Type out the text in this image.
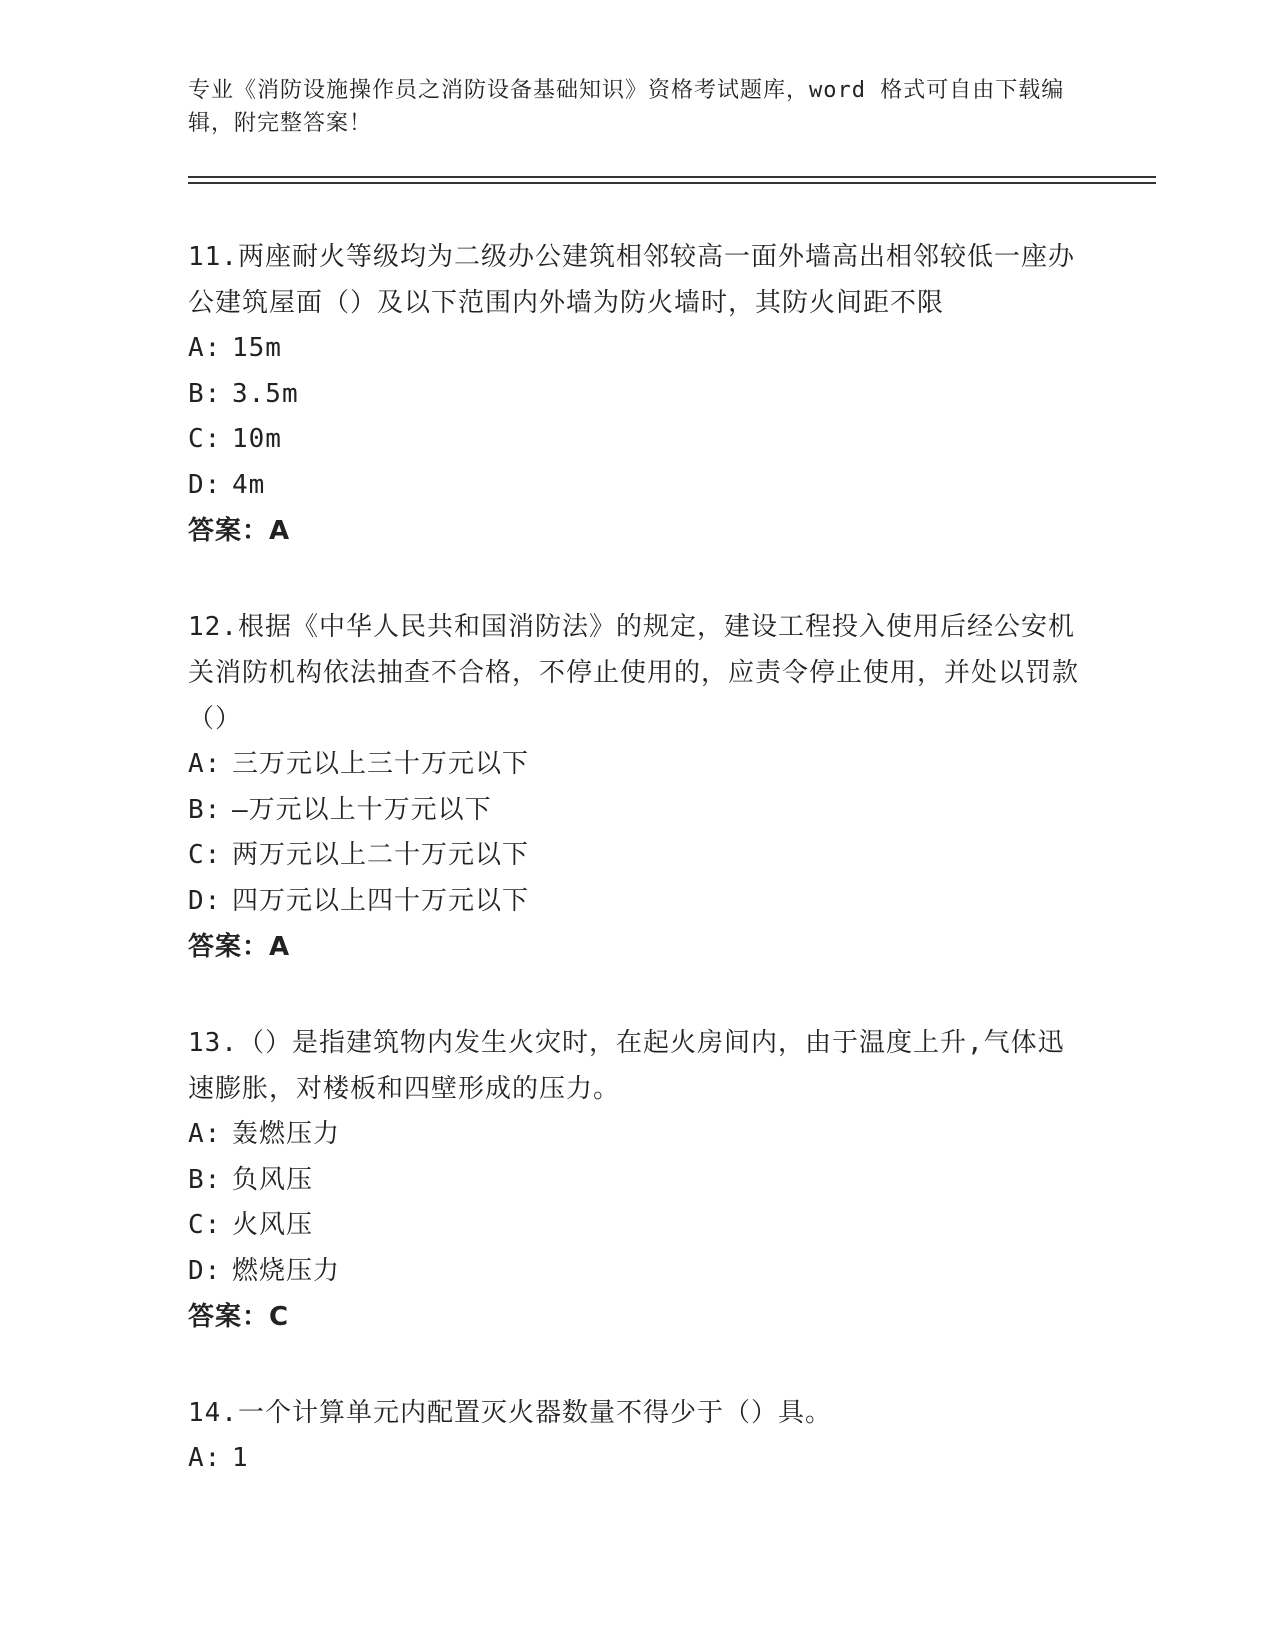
专业《消防设施操作员之消防设备基础知识》资格考试题库，word 格式可自由下载编辑，附完整答案！

11.两座耐火等级均为二级办公建筑相邻较高一面外墙高出相邻较低一座办公建筑屋面（）及以下范围内外墙为防火墙时，其防火间距不限

A: 15m

B: 3.5m

C: 10m

D: 4m

答案：A

12.根据《中华人民共和国消防法》的规定，建设工程投入使用后经公安机关消防机构依法抽查不合格，不停止使用的，应责令停止使用，并处以罚款（）

A: 三万元以上三十万元以下

B: —万元以上十万元以下

C: 两万元以上二十万元以下

D: 四万元以上四十万元以下

答案：A

13.（）是指建筑物内发生火灾时，在起火房间内，由于温度上升,气体迅速膨胀，对楼板和四壁形成的压力。

A: 轰燃压力

B: 负风压

C: 火风压

D: 燃烧压力

答案：C

14.一个计算单元内配置灭火器数量不得少于（）具。

A: 1
